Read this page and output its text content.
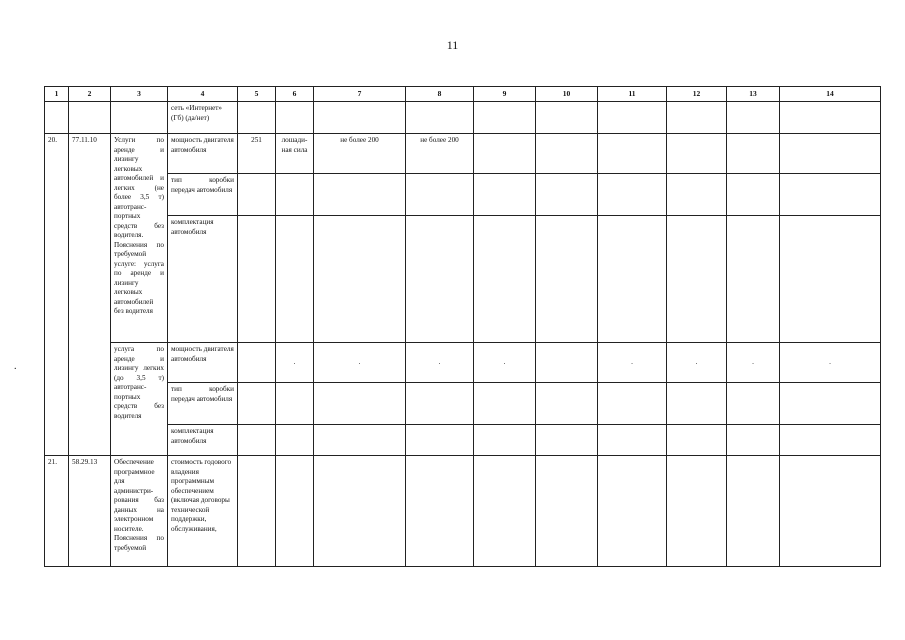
11
.
1	2	3	4	5	6	7	8	9	10	11	12	13	14
			сеть «Интернет» (Гб) (да/нет)										
20.	77.11.10	Услуги по аренде и лизингу легковых автомобилей и легких (не более 3,5 т) автотранс-портных средств без водителя. Пояснения по требуемой услуге: услуга по аренде и лизингу легковых автомобилей без водителя	мощность двигателя автомобиля	251	лошади-ная сила	не более 200	не более 200						
			тип коробки передач автомобиля										
			комплектация автомобиля										
		услуга по аренде и лизингу легких (до 3,5 т) автотранс-портных средств без водителя	мощность двигателя автомобиля		.	.	.	.		.	.	.	.
			тип коробки передач автомобиля										
			комплектация автомобиля										
21.	58.29.13	Обеспечение программное для администри-рования баз данных на электронном носителе. Пояснения по требуемой	стоимость годового владения программным обеспечением (включая договоры технической поддержки, обслуживания,										
